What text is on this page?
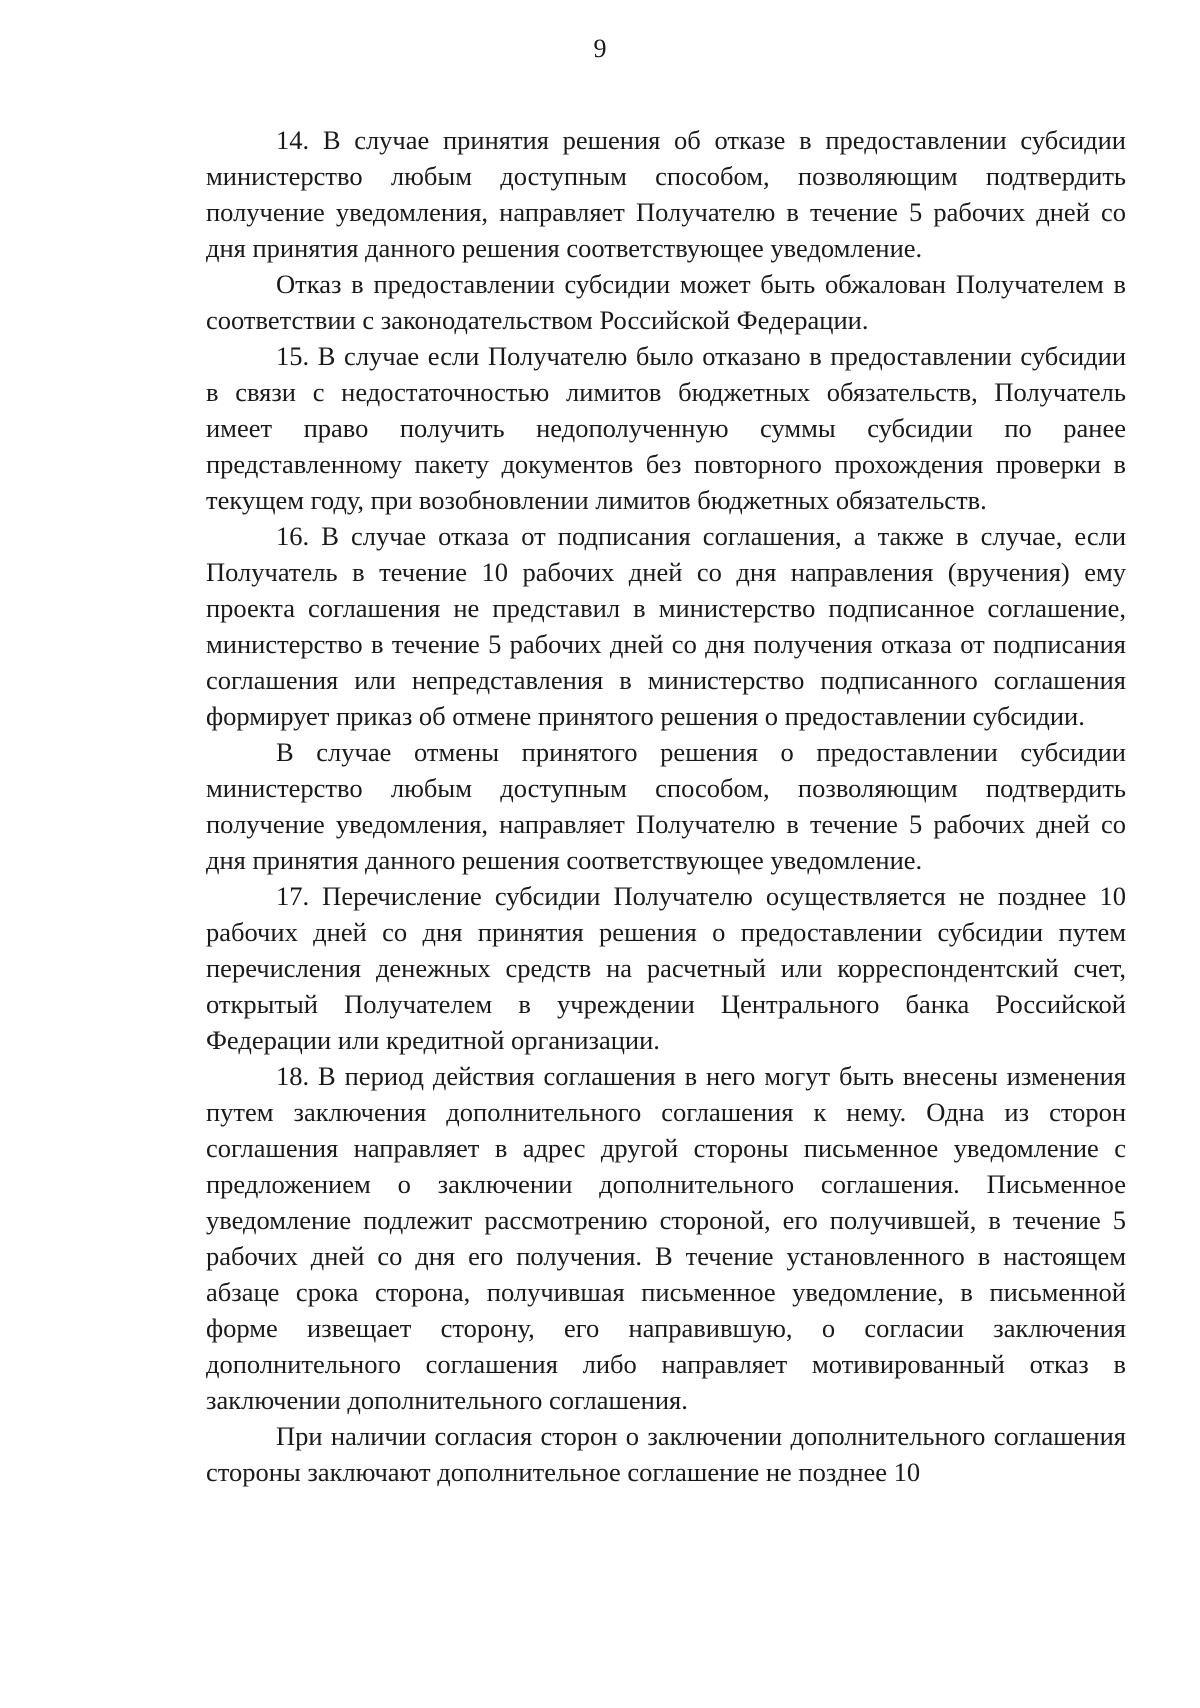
9

14. В случае принятия решения об отказе в предоставлении субсидии министерство любым доступным способом, позволяющим подтвердить получение уведомления, направляет Получателю в течение 5 рабочих дней со дня принятия данного решения соответствующее уведомление.

Отказ в предоставлении субсидии может быть обжалован Получателем в соответствии с законодательством Российской Федерации.

15. В случае если Получателю было отказано в предоставлении субсидии в связи с недостаточностью лимитов бюджетных обязательств, Получатель имеет право получить недополученную суммы субсидии по ранее представленному пакету документов без повторного прохождения проверки в текущем году, при возобновлении лимитов бюджетных обязательств.

16. В случае отказа от подписания соглашения, а также в случае, если Получатель в течение 10 рабочих дней со дня направления (вручения) ему проекта соглашения не представил в министерство подписанное соглашение, министерство в течение 5 рабочих дней со дня получения отказа от подписания соглашения или непредставления в министерство подписанного соглашения формирует приказ об отмене принятого решения о предоставлении субсидии.

В случае отмены принятого решения о предоставлении субсидии министерство любым доступным способом, позволяющим подтвердить получение уведомления, направляет Получателю в течение 5 рабочих дней со дня принятия данного решения соответствующее уведомление.

17. Перечисление субсидии Получателю осуществляется не позднее 10 рабочих дней со дня принятия решения о предоставлении субсидии путем перечисления денежных средств на расчетный или корреспондентский счет, открытый Получателем в учреждении Центрального банка Российской Федерации или кредитной организации.

18. В период действия соглашения в него могут быть внесены изменения путем заключения дополнительного соглашения к нему. Одна из сторон соглашения направляет в адрес другой стороны письменное уведомление с предложением о заключении дополнительного соглашения. Письменное уведомление подлежит рассмотрению стороной, его получившей, в течение 5 рабочих дней со дня его получения. В течение установленного в настоящем абзаце срока сторона, получившая письменное уведомление, в письменной форме извещает сторону, его направившую, о согласии заключения дополнительного соглашения либо направляет мотивированный отказ в заключении дополнительного соглашения.

При наличии согласия сторон о заключении дополнительного соглашения стороны заключают дополнительное соглашение не позднее 10
